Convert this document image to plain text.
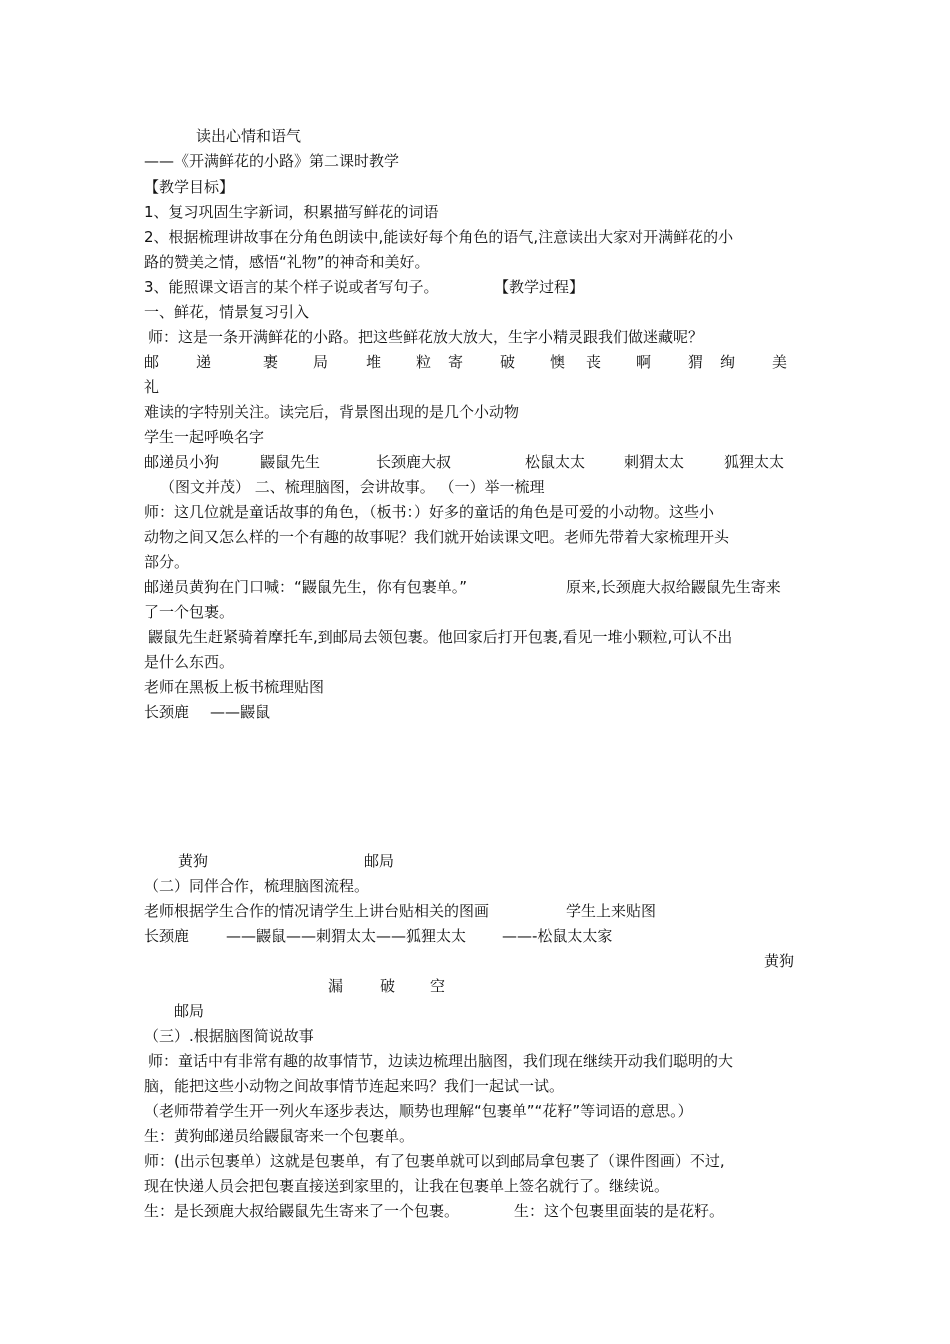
读出心情和语气
——《开满鲜花的小路》第二课时教学
【教学目标】
1、复习巩固生字新词，积累描写鲜花的词语
2、根据梳理讲故事在分角色朗读中,能读好每个角色的语气,注意读出大家对开满鲜花的小
路的赞美之情，感悟“礼物”的神奇和美好。
3、能照课文语言的某个样子说或者写句子。	【教学过程】
一、鲜花，情景复习引入
师：这是一条开满鲜花的小路。把这些鲜花放大放大，生字小精灵跟我们做迷藏呢？
邮 递	裹 局	堆 粒 寄 破 懊 丧 啊 猬 绚 美
礼
难读的字特别关注。读完后，背景图出现的是几个小动物
学生一起呼唤名字
邮递员小狗	鼹鼠先生	长颈鹿大叔	松鼠太太	刺猬太太	狐狸太太
（图文并茂） 二、梳理脑图，会讲故事。 （一）举一梳理
师：这几位就是童话故事的角色，（板书：）好多的童话的角色是可爱的小动物。这些小
动物之间又怎么样的一个有趣的故事呢？我们就开始读课文吧。老师先带着大家梳理开头
部分。
邮递员黄狗在门口喊：“鼹鼠先生，你有包裹单。”	原来,长颈鹿大叔给鼹鼠先生寄来
了一个包裹。
鼹鼠先生赶紧骑着摩托车,到邮局去领包裹。他回家后打开包裹,看见一堆小颗粒,可认不出
是什么东西。
老师在黑板上板书梳理贴图
长颈鹿 ——鼹鼠
黄狗	邮局
（二）同伴合作，梳理脑图流程。
老师根据学生合作的情况请学生上讲台贴相关的图画	学生上来贴图
长颈鹿 ——鼹鼠——刺猬太太——狐狸太太 ——-松鼠太太家
黄狗
漏 破 空
邮局
（三）.根据脑图简说故事
师：童话中有非常有趣的故事情节，边读边梳理出脑图，我们现在继续开动我们聪明的大
脑，能把这些小动物之间故事情节连起来吗？我们一起试一试。
（老师带着学生开一列火车逐步表达，顺势也理解“包裹单”“花籽”等词语的意思。）
生：黄狗邮递员给鼹鼠寄来一个包裹单。
师：(出示包裹单）这就是包裹单，有了包裹单就可以到邮局拿包裹了（课件图画）不过,
现在快递人员会把包裹直接送到家里的，让我在包裹单上签名就行了。继续说。
生：是长颈鹿大叔给鼹鼠先生寄来了一个包裹。	生：这个包裹里面装的是花籽。
